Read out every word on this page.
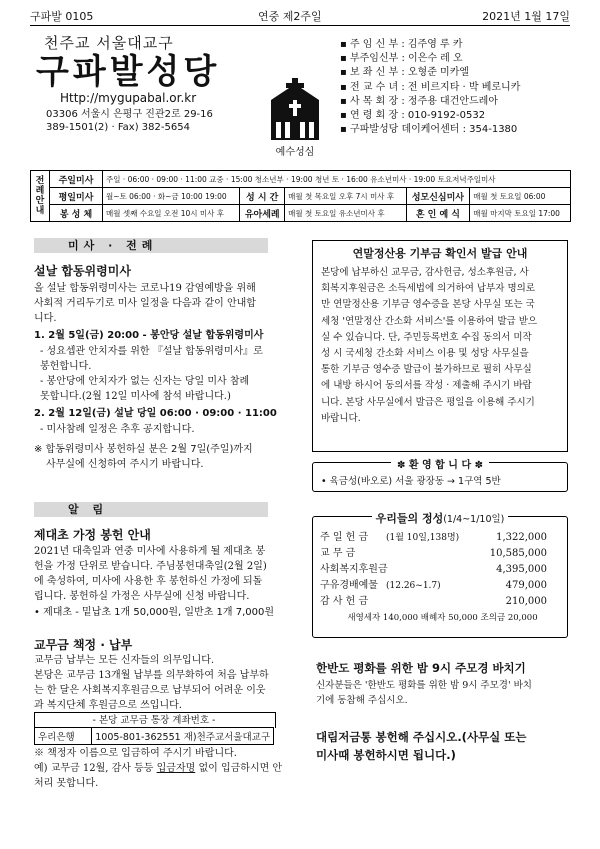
구파발 0105	연중 제2주일	2021년 1월 17일
천주교 서울대교구
구파발성당
Http://mygupabal.or.kr
03306 서울시 은평구 진관2로 29-16
389-1501(2) · Fax) 382-5654
예수성심
▪ 주 임 신 부 : 김주영 루 카
▪ 부주임신부 : 이은수 레 오
▪ 보 좌 신 부 : 오형준 미카엘
▪ 전 교 수 녀 : 전 비르지타 · 박 베로니카
▪ 사 목 회 장 : 정주용 대건안드레아
▪ 연 령 회 장 : 010-9192-0532
▪ 구파발성당 데이케어센터 : 354-1380
전례안내	주일미사	주일 · 06:00 · 09:00 · 11:00 교중 · 15:00 청소년부 · 19:00 청년 토 · 16:00 유소년미사 · 19:00 토요저녁주일미사				
	평일미사	월~토 06:00 · 화~금 10:00 19:00	성 시 간	매월 첫 목요일 오후 7시 미사 후	성모신심미사	매월 첫 토요일 06:00
	봉 성 체	매월 셋째 수요일 오전 10시 미사 후	유아세례	매월 첫 토요일 유소년미사 후	혼 인 예 식	매월 마지막 토요일 17:00
미사 · 전례
설날 합동위령미사
올 설날 합동위령미사는 코로나19 감염예방을 위해
사회적 거리두기로 미사 일정을 다음과 같이 안내합
니다.
1. 2월 5일(금) 20:00 - 봉안당 설날 합동위령미사
- 성요셉관 안치자를 위한 『설날 합동위령미사』로
봉헌합니다.
- 봉안당에 안치자가 없는 신자는 당일 미사 참례
못합니다.(2월 12일 미사에 참석 바랍니다.)
2. 2월 12일(금) 설날 당일 06:00 · 09:00 · 11:00
- 미사참례 일정은 추후 공지합니다.
※ 합동위령미사 봉헌하실 분은 2월 7일(주일)까지
사무실에 신청하여 주시기 바랍니다.
알 림
제대초 가정 봉헌 안내
2021년 대축일과 연중 미사에 사용하게 될 제대초 봉
헌을 가정 단위로 받습니다. 주님봉헌대축일(2월 2일)
에 축성하여, 미사에 사용한 후 봉헌하신 가정에 되돌
립니다. 봉헌하실 가정은 사무실에 신청 바랍니다.
• 제대초 - 밑납초 1개 50,000원, 일반초 1개 7,000원
교무금 책정 · 납부
교무금 납부는 모든 신자들의 의무입니다.
본당은 교무금 13개월 납부를 의무화하여 처음 납부하
는 한 달은 사회복지후원금으로 납부되어 어려운 이웃
과 복지단체 후원금으로 쓰입니다.
- 본당 교무금 통장 계좌번호 -
우리은행	1005-801-362551 재)천주교서울대교구
※ 책정자 이름으로 입금하여 주시기 바랍니다.
예) 교무금 12월, 감사 등등 입금자명 없이 입금하시면 안
처리 못합니다.
연말정산용 기부금 확인서 발급 안내
본당에 납부하신 교무금, 감사헌금, 성소후원금, 사
회복지후원금은 소득세법에 의거하여 납부자 명의로
만 연말정산용 기부금 영수증을 본당 사무실 또는 국
세청 '연말정산 간소화 서비스'를 이용하여 발급 받으
실 수 있습니다. 단, 주민등록번호 수집 동의서 미작
성 시 국세청 간소화 서비스 이용 및 성당 사무실을
통한 기부금 영수증 발급이 불가하므로 필히 사무실
에 내방 하시어 동의서를 작성 · 제출해 주시기 바랍
니다. 본당 사무실에서 발급은 평일을 이용해 주시기
바랍니다.
✽ 환 영 합 니 다 ✽
• 육금성(바오로) 서울 광장동 → 1구역 5반
우리들의 정성(1/4~1/10일)
주 일 헌 금 (1월 10일,138명)	1,322,000
교 무 금	10,585,000
사회복지후원금	4,395,000
구유경배예물 (12.26~1.7)	479,000
감 사 헌 금	210,000
새영세자 140,000 배혜자 50,000 조의금 20,000
한반도 평화를 위한 밤 9시 주모경 바치기
신자분들은 '한반도 평화를 위한 밤 9시 주모경' 바치
기에 동참해 주십시오.
대림저금통 봉헌해 주십시오.(사무실 또는
미사때 봉헌하시면 됩니다.)
